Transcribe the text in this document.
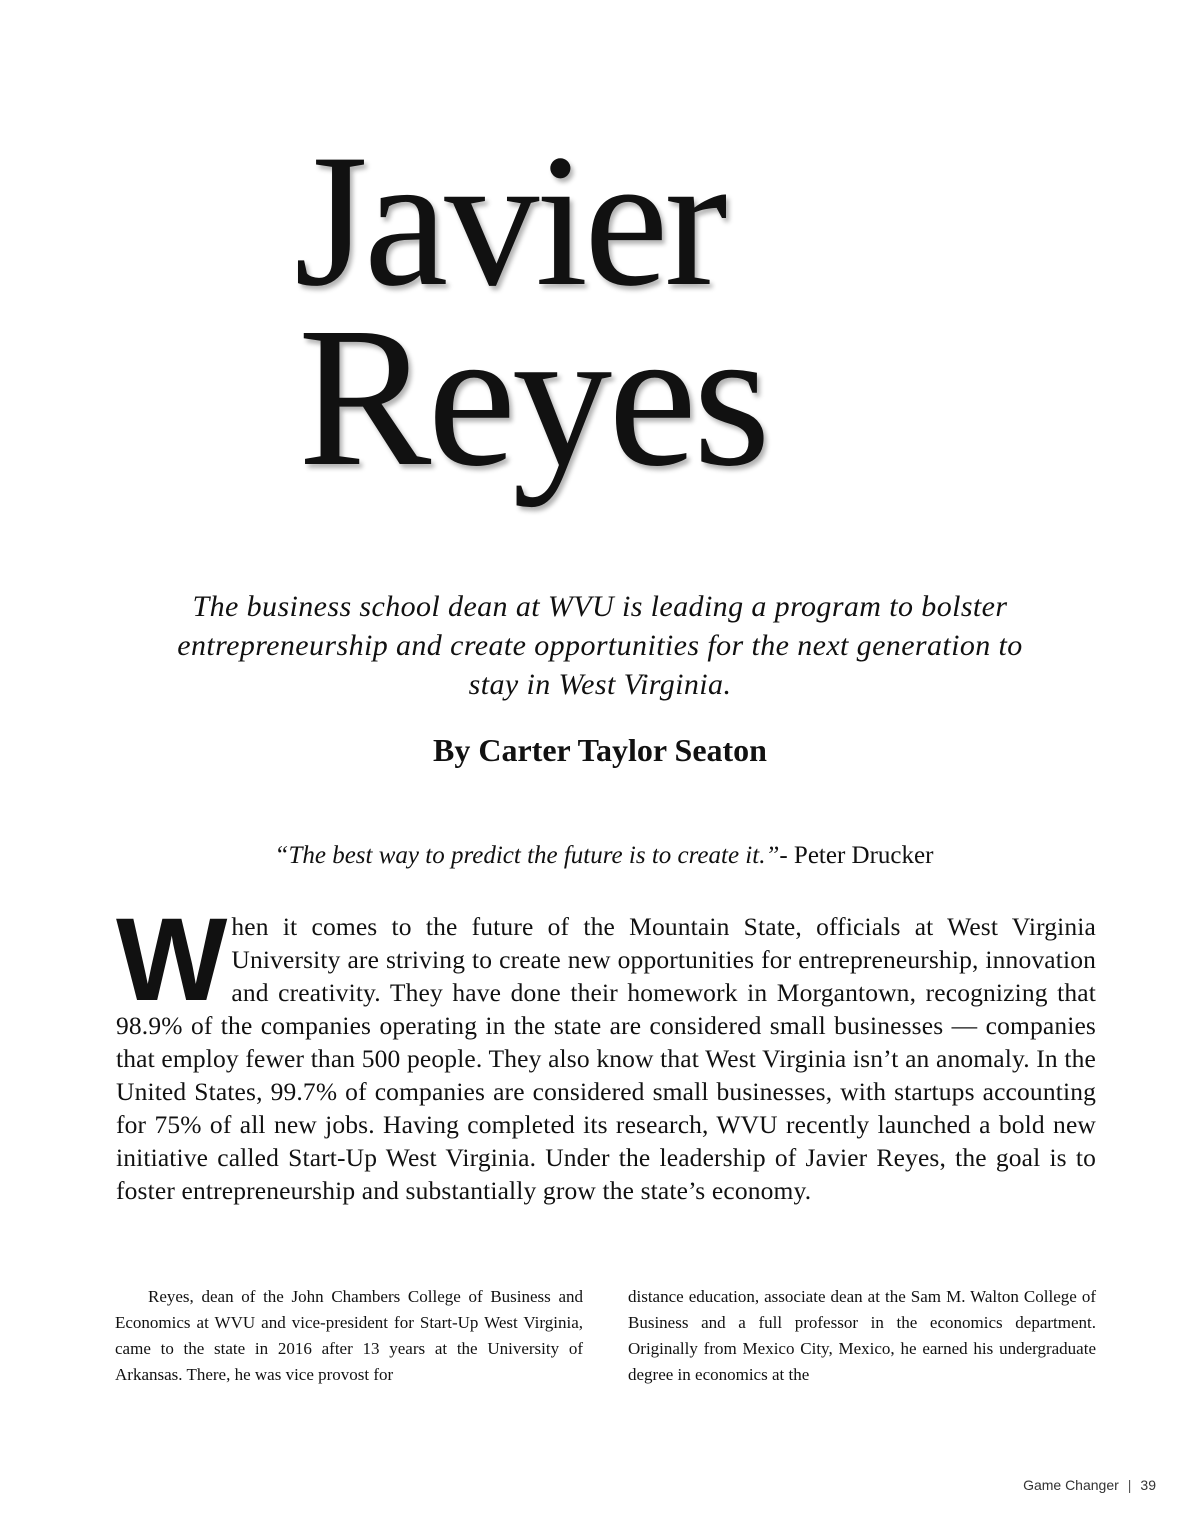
Javier
Reyes

The business school dean at WVU is leading a program to bolster entrepreneurship and create opportunities for the next generation to stay in West Virginia.

By Carter Taylor Seaton

“The best way to predict the future is to create it.”- Peter Drucker

When it comes to the future of the Mountain State, officials at West Virginia University are striving to create new opportunities for entrepreneurship, innovation and creativity. They have done their homework in Morgantown, recognizing that 98.9% of the companies operating in the state are considered small businesses — companies that employ fewer than 500 people. They also know that West Virginia isn’t an anomaly. In the United States, 99.7% of companies are considered small businesses, with startups accounting for 75% of all new jobs. Having completed its research, WVU recently launched a bold new initiative called Start-Up West Virginia. Under the leadership of Javier Reyes, the goal is to foster entrepreneurship and substantially grow the state’s economy.

Reyes, dean of the John Chambers College of Business and Economics at WVU and vice-president for Start-Up West Virginia, came to the state in 2016 after 13 years at the University of Arkansas. There, he was vice provost for

distance education, associate dean at the Sam M. Walton College of Business and a full professor in the economics department. Originally from Mexico City, Mexico, he earned his undergraduate degree in economics at the

Game Changer | 39
